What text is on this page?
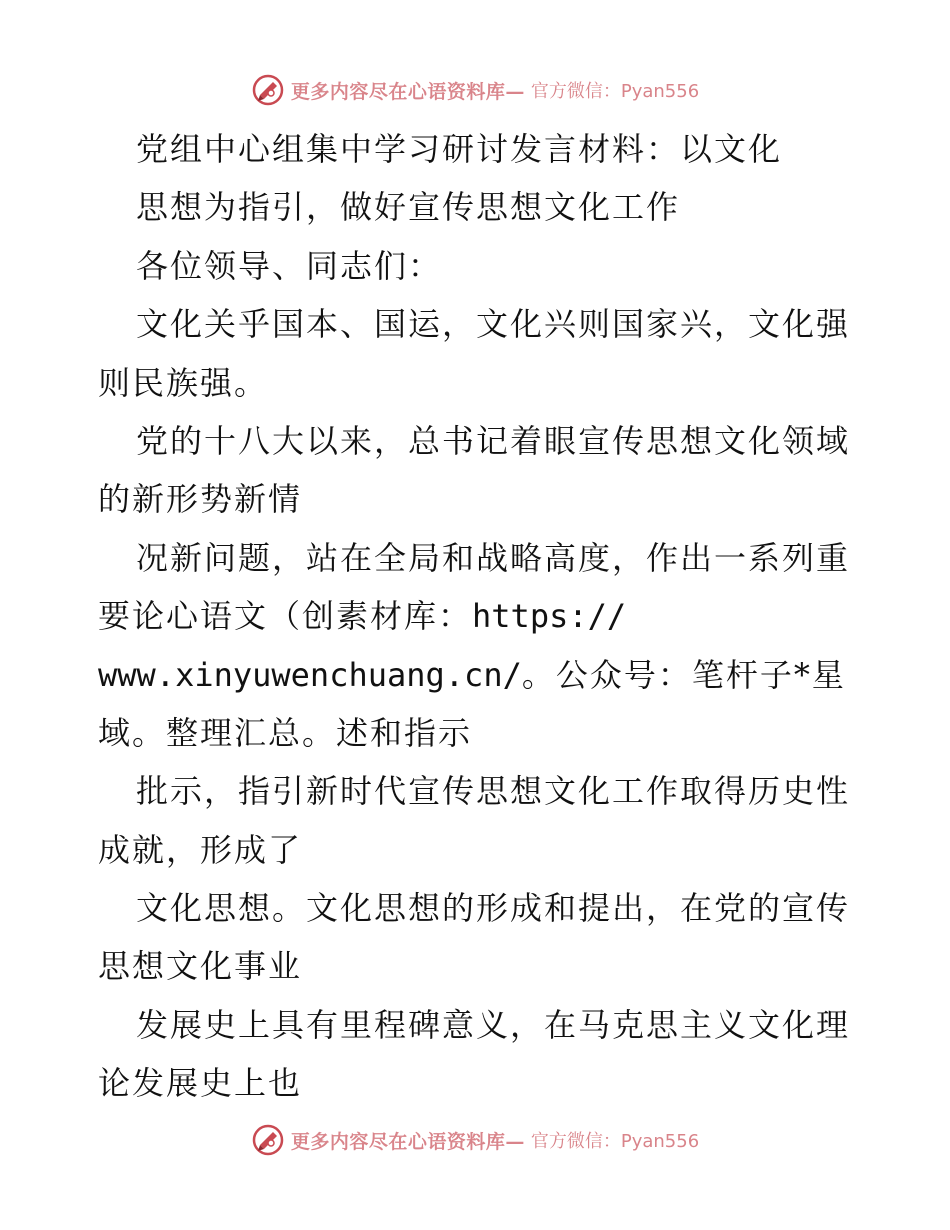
更多内容尽在心语资料库— 官方微信：Pyan556
党组中心组集中学习研讨发言材料：以文化
思想为指引，做好宣传思想文化工作
各位领导、同志们：
文化关乎国本、国运，文化兴则国家兴，文化强
则民族强。
党的十八大以来，总书记着眼宣传思想文化领域
的新形势新情
况新问题，站在全局和战略高度，作出一系列重
要论心语文（创素材库：https://
www.xinyuwenchuang.cn/。公众号：笔杆子*星
域。整理汇总。述和指示
批示，指引新时代宣传思想文化工作取得历史性
成就，形成了
文化思想。文化思想的形成和提出，在党的宣传
思想文化事业
发展史上具有里程碑意义，在马克思主义文化理
论发展史上也
更多内容尽在心语资料库— 官方微信：Pyan556
